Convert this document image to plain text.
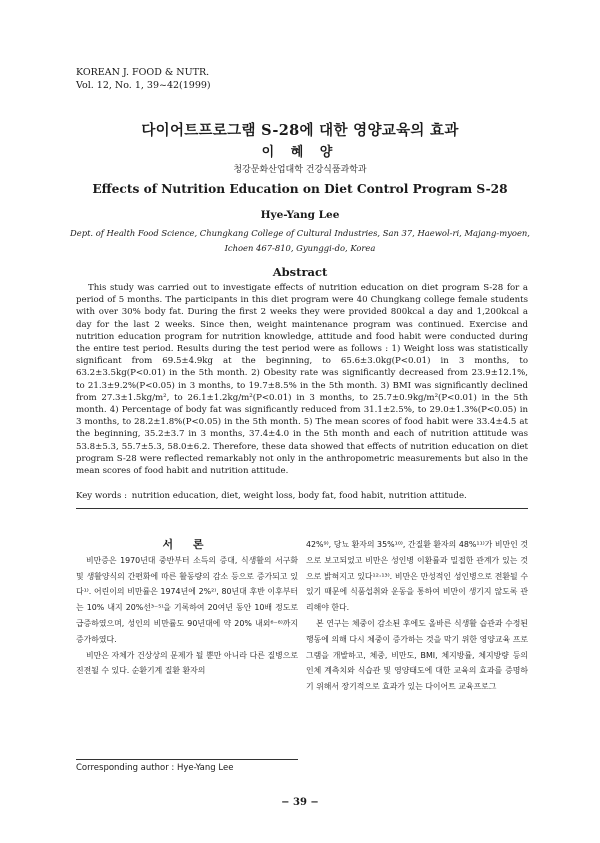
KOREAN J. FOOD & NUTR.
Vol. 12, No. 1, 39~42(1999)
다이어트프로그램 S-28에 대한 영양교육의 효과
이 혜 양
청강문화산업대학 건강식품과학과
Effects of Nutrition Education on Diet Control Program S-28
Hye-Yang Lee
Dept. of Health Food Science, Chungkang College of Cultural Industries, San 37, Haewol-ri, Majang-myoen,
Ichoen 467-810, Gyunggi-do, Korea
Abstract

This study was carried out to investigate effects of nutrition education on diet program S-28 for a period of 5 months. The participants in this diet program were 40 Chungkang college female students with over 30% body fat. During the first 2 weeks they were provided 800kcal a day and 1,200kcal a day for the last 2 weeks. Since then, weight maintenance program was continued. Exercise and nutrition education program for nutrition knowledge, attitude and food habit were conducted during the entire test period. Results during the test period were as follows : 1) Weight loss was statistically significant from 69.5±4.9kg at the beginning, to 65.6±3.0kg(P<0.01) in 3 months, to 63.2±3.5kg(P<0.01) in the 5th month. 2) Obesity rate was significantly decreased from 23.9±12.1%, to 21.3±9.2%(P<0.05) in 3 months, to 19.7±8.5% in the 5th month. 3) BMI was significantly declined from 27.3±1.5kg/m², to 26.1±1.2kg/m²(P<0.01) in 3 months, to 25.7±0.9kg/m²(P<0.01) in the 5th month. 4) Percentage of body fat was significantly reduced from 31.1±2.5%, to 29.0±1.3%(P<0.05) in 3 months, to 28.2±1.8%(P<0.05) in the 5th month. 5) The mean scores of food habit were 33.4±4.5 at the beginning, 35.2±3.7 in 3 months, 37.4±4.0 in the 5th month and each of nutrition attitude was 53.8±5.3, 55.7±5.3, 58.0±6.2. Therefore, these data showed that effects of nutrition education on diet program S-28 were reflected remarkably not only in the anthropometric measurements but also in the mean scores of food habit and nutrition attitude.

Key words : nutrition education, diet, weight loss, body fat, food habit, nutrition attitude.

서 론

비만증은 1970년대 중반부터 소득의 증대, 식생활의 서구화 및 생활양식의 간편화에 따른 활동량의 감소 등으로 증가되고 있다¹⁾. 어린이의 비만률은 1974년에 2%²⁾, 80년대 후반 이후부터는 10% 내지 20%선³⁻⁵⁾을 기록하여 20여년 동안 10배 정도로 급증하였으며, 성인의 비만률도 90년대에 약 20% 내외⁶⁻⁸⁾까지 증가하였다.

비만은 자체가 건상상의 문제가 될 뿐만 아니라 다른 질병으로 진전될 수 있다. 순환기계 질환 환자의

42%⁹⁾, 당뇨 환자의 35%¹⁰⁾, 간질환 환자의 48%¹¹⁾가 비만인 것으로 보고되었고 비만은 성인병 이환률과 밀접한 관계가 있는 것으로 밝혀지고 있다¹²·¹³⁾. 비만은 만성적인 성인병으로 전환될 수 있기 때문에 식품섭취와 운동을 통하여 비만이 생기지 않도록 관리해야 한다.

본 연구는 체중이 감소된 후에도 올바른 식생활 습관과 수정된 행동에 의해 다시 체중이 증가하는 것을 막기 위한 영양교육 프로그램을 개발하고, 체중, 비만도, BMI, 체지방률, 체지방량 등의 인체 계측치와 식습관 및 영양태도에 대한 교육의 효과를 증명하기 위해서 장기적으로 효과가 있는 다이어트 교육프로그

Corresponding author : Hye-Yang Lee
− 39 −
